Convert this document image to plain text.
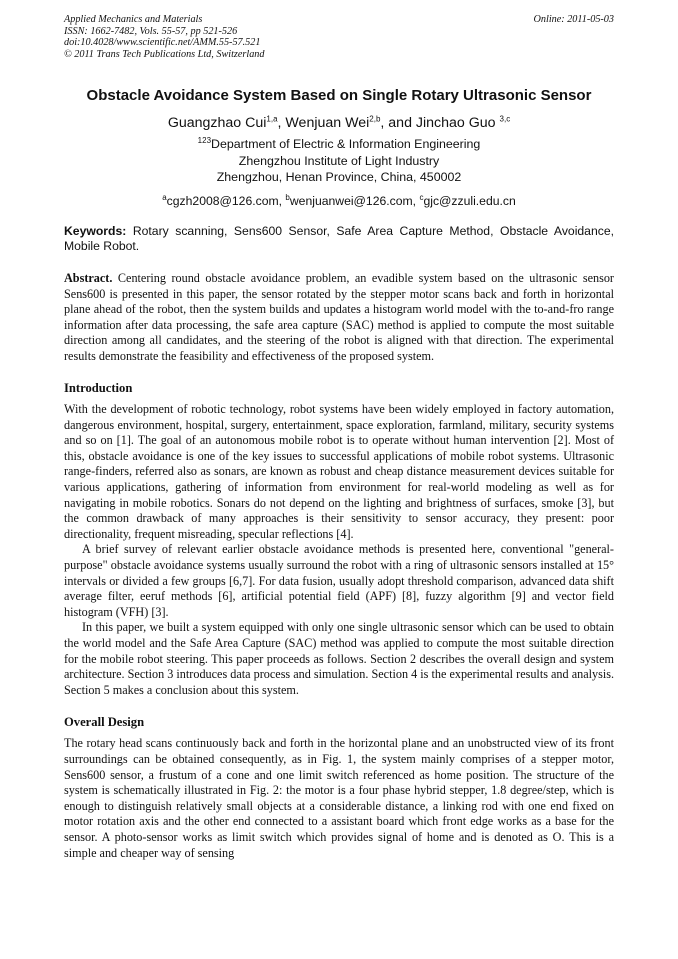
Applied Mechanics and Materials
ISSN: 1662-7482, Vols. 55-57, pp 521-526
doi:10.4028/www.scientific.net/AMM.55-57.521
© 2011 Trans Tech Publications Ltd, Switzerland
Online: 2011-05-03
Obstacle Avoidance System Based on Single Rotary Ultrasonic Sensor
Guangzhao Cui$^{1,a}$, Wenjuan Wei$^{2,b}$, and Jinchao Guo $^{3,c}$
$^{123}$Department of Electric & Information Engineering
Zhengzhou Institute of Light Industry
Zhengzhou, Henan Province, China, 450002
$^a$cgzh2008@126.com, $^b$wenjuanwei@126.com, $^c$gjc@zzuli.edu.cn
Keywords: Rotary scanning, Sens600 Sensor, Safe Area Capture Method, Obstacle Avoidance, Mobile Robot.
Abstract. Centering round obstacle avoidance problem, an evadible system based on the ultrasonic sensor Sens600 is presented in this paper, the sensor rotated by the stepper motor scans back and forth in horizontal plane ahead of the robot, then the system builds and updates a histogram world model with the to-and-fro range information after data processing, the safe area capture (SAC) method is applied to compute the most suitable direction among all candidates, and the steering of the robot is aligned with that direction. The experimental results demonstrate the feasibility and effectiveness of the proposed system.
Introduction

With the development of robotic technology, robot systems have been widely employed in factory automation, dangerous environment, hospital, surgery, entertainment, space exploration, farmland, military, security systems and so on [1]. The goal of an autonomous mobile robot is to operate without human intervention [2]. Most of this, obstacle avoidance is one of the key issues to successful applications of mobile robot systems. Ultrasonic range-finders, referred also as sonars, are known as robust and cheap distance measurement devices suitable for various applications, gathering of information from environment for real-world modeling as well as for navigating in mobile robotics. Sonars do not depend on the lighting and brightness of surfaces, smoke [3], but the common drawback of many approaches is their sensitivity to sensor accuracy, they present: poor directionality, frequent misreading, specular reflections [4].

A brief survey of relevant earlier obstacle avoidance methods is presented here, conventional "general-purpose" obstacle avoidance systems usually surround the robot with a ring of ultrasonic sensors installed at 15° intervals or divided a few groups [6,7]. For data fusion, usually adopt threshold comparison, advanced data shift average filter, eeruf methods [6], artificial potential field (APF) [8], fuzzy algorithm [9] and vector field histogram (VFH) [3].

In this paper, we built a system equipped with only one single ultrasonic sensor which can be used to obtain the world model and the Safe Area Capture (SAC) method was applied to compute the most suitable direction for the mobile robot steering. This paper proceeds as follows. Section 2 describes the overall design and system architecture. Section 3 introduces data process and simulation. Section 4 is the experimental results and analysis. Section 5 makes a conclusion about this system.

Overall Design

The rotary head scans continuously back and forth in the horizontal plane and an unobstructed view of its front surroundings can be obtained consequently, as in Fig. 1, the system mainly comprises of a stepper motor, Sens600 sensor, a frustum of a cone and one limit switch referenced as home position. The structure of the system is schematically illustrated in Fig. 2: the motor is a four phase hybrid stepper, 1.8 degree/step, which is enough to distinguish relatively small objects at a considerable distance, a linking rod with one end fixed on motor rotation axis and the other end connected to a assistant board which front edge works as a base for the sensor. A photo-sensor works as limit switch which provides signal of home and is denoted as O. This is a simple and cheaper way of sensing
